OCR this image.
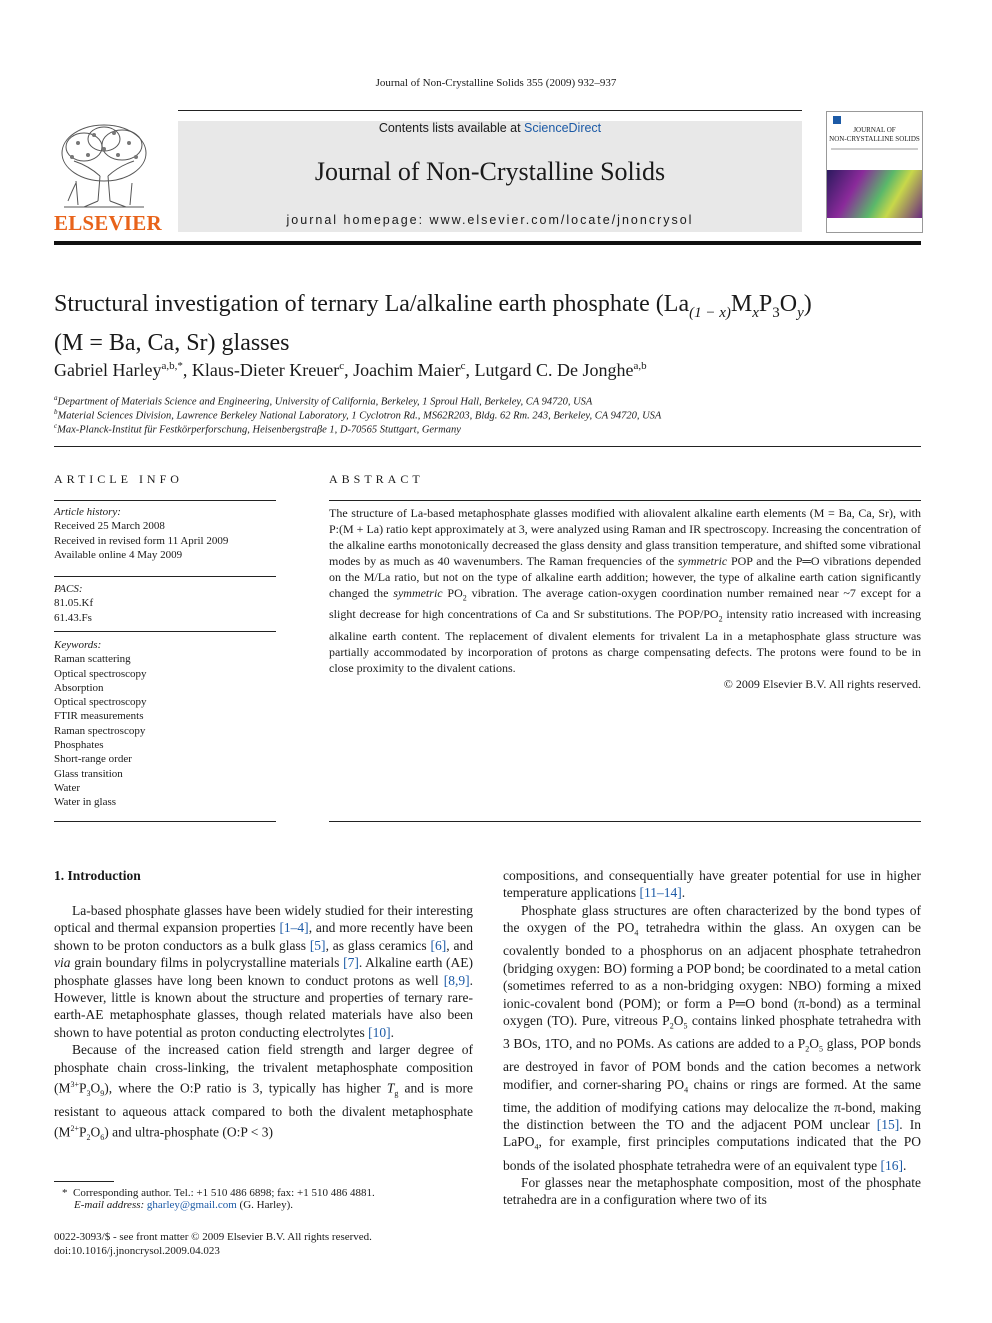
Journal of Non-Crystalline Solids 355 (2009) 932–937
ELSEVIER
Contents lists available at ScienceDirect
Journal of Non-Crystalline Solids
journal homepage: www.elsevier.com/locate/jnoncrysol
JOURNAL OF
NON-CRYSTALLINE SOLIDS
Structural investigation of ternary La/alkaline earth phosphate $(La_{(1 - x)}M_xP_3O_y)$
(M = Ba, Ca, Sr) glasses
Gabriel Harley$^{a,b,*}$, Klaus-Dieter Kreuer$^c$, Joachim Maier$^c$, Lutgard C. De Jonghe$^{a,b}$
$^a$Department of Materials Science and Engineering, University of California, Berkeley, 1 Sproul Hall, Berkeley, CA 94720, USA
$^b$Material Sciences Division, Lawrence Berkeley National Laboratory, 1 Cyclotron Rd., MS62R203, Bldg. 62 Rm. 243, Berkeley, CA 94720, USA
$^c$Max-Planck-Institut für Festkörperforschung, Heisenbergstraβe 1, D-70565 Stuttgart, Germany
ARTICLE INFO
Article history:
Received 25 March 2008
Received in revised form 11 April 2009
Available online 4 May 2009
PACS:
81.05.Kf
61.43.Fs
Keywords:
Raman scattering
Optical spectroscopy
Absorption
Optical spectroscopy
FTIR measurements
Raman spectroscopy
Phosphates
Short-range order
Glass transition
Water
Water in glass
ABSTRACT
The structure of La-based metaphosphate glasses modified with aliovalent alkaline earth elements (M = Ba, Ca, Sr), with P:(M + La) ratio kept approximately at 3, were analyzed using Raman and IR spectroscopy. Increasing the concentration of the alkaline earths monotonically decreased the glass density and glass transition temperature, and shifted some vibrational modes by as much as 40 wavenumbers. The Raman frequencies of the symmetric POP and the P═O vibrations depended on the M/La ratio, but not on the type of alkaline earth addition; however, the type of alkaline earth cation significantly changed the symmetric $PO_2$ vibration. The average cation-oxygen coordination number remained near ~7 except for a slight decrease for high concentrations of Ca and Sr substitutions. The POP/$PO_2$ intensity ratio increased with increasing alkaline earth content. The replacement of divalent elements for trivalent La in a metaphosphate glass structure was partially accommodated by incorporation of protons as charge compensating defects. The protons were found to be in close proximity to the divalent cations.
© 2009 Elsevier B.V. All rights reserved.
1. Introduction

La-based phosphate glasses have been widely studied for their interesting optical and thermal expansion properties [1–4], and more recently have been shown to be proton conductors as a bulk glass [5], as glass ceramics [6], and via grain boundary films in polycrystalline materials [7]. Alkaline earth (AE) phosphate glasses have long been known to conduct protons as well [8,9]. However, little is known about the structure and properties of ternary rare-earth-AE metaphosphate glasses, though related materials have also been shown to have potential as proton conducting electrolytes [10].

Because of the increased cation field strength and larger degree of phosphate chain cross-linking, the trivalent metaphosphate composition $(M^{3+}P_3O_9)$, where the O:P ratio is 3, typically has higher $T_g$ and is more resistant to aqueous attack compared to both the divalent metaphosphate $(M^{2+}P_2O_6)$ and ultra-phosphate (O:P < 3)

compositions, and consequentially have greater potential for use in higher temperature applications [11–14].

Phosphate glass structures are often characterized by the bond types of the oxygen of the $PO_4$ tetrahedra within the glass. An oxygen can be covalently bonded to a phosphorus on an adjacent phosphate tetrahedron (bridging oxygen: BO) forming a POP bond; be coordinated to a metal cation (sometimes referred to as a non-bridging oxygen: NBO) forming a mixed ionic-covalent bond (POM); or form a P═O bond (π-bond) as a terminal oxygen (TO). Pure, vitreous $P_2O_5$ contains linked phosphate tetrahedra with 3 BOs, 1TO, and no POMs. As cations are added to a $P_2O_5$ glass, POP bonds are destroyed in favor of POM bonds and the cation becomes a network modifier, and corner-sharing $PO_4$ chains or rings are formed. At the same time, the addition of modifying cations may delocalize the π-bond, making the distinction between the TO and the adjacent POM unclear [15]. In LaPO$_4$, for example, first principles computations indicated that the PO bonds of the isolated phosphate tetrahedra were of an equivalent type [16].

For glasses near the metaphosphate composition, most of the phosphate tetrahedra are in a configuration where two of its

* Corresponding author. Tel.: +1 510 486 6898; fax: +1 510 486 4881.
E-mail address: gharley@gmail.com (G. Harley).
0022-3093/$ - see front matter © 2009 Elsevier B.V. All rights reserved.
doi:10.1016/j.jnoncrysol.2009.04.023
